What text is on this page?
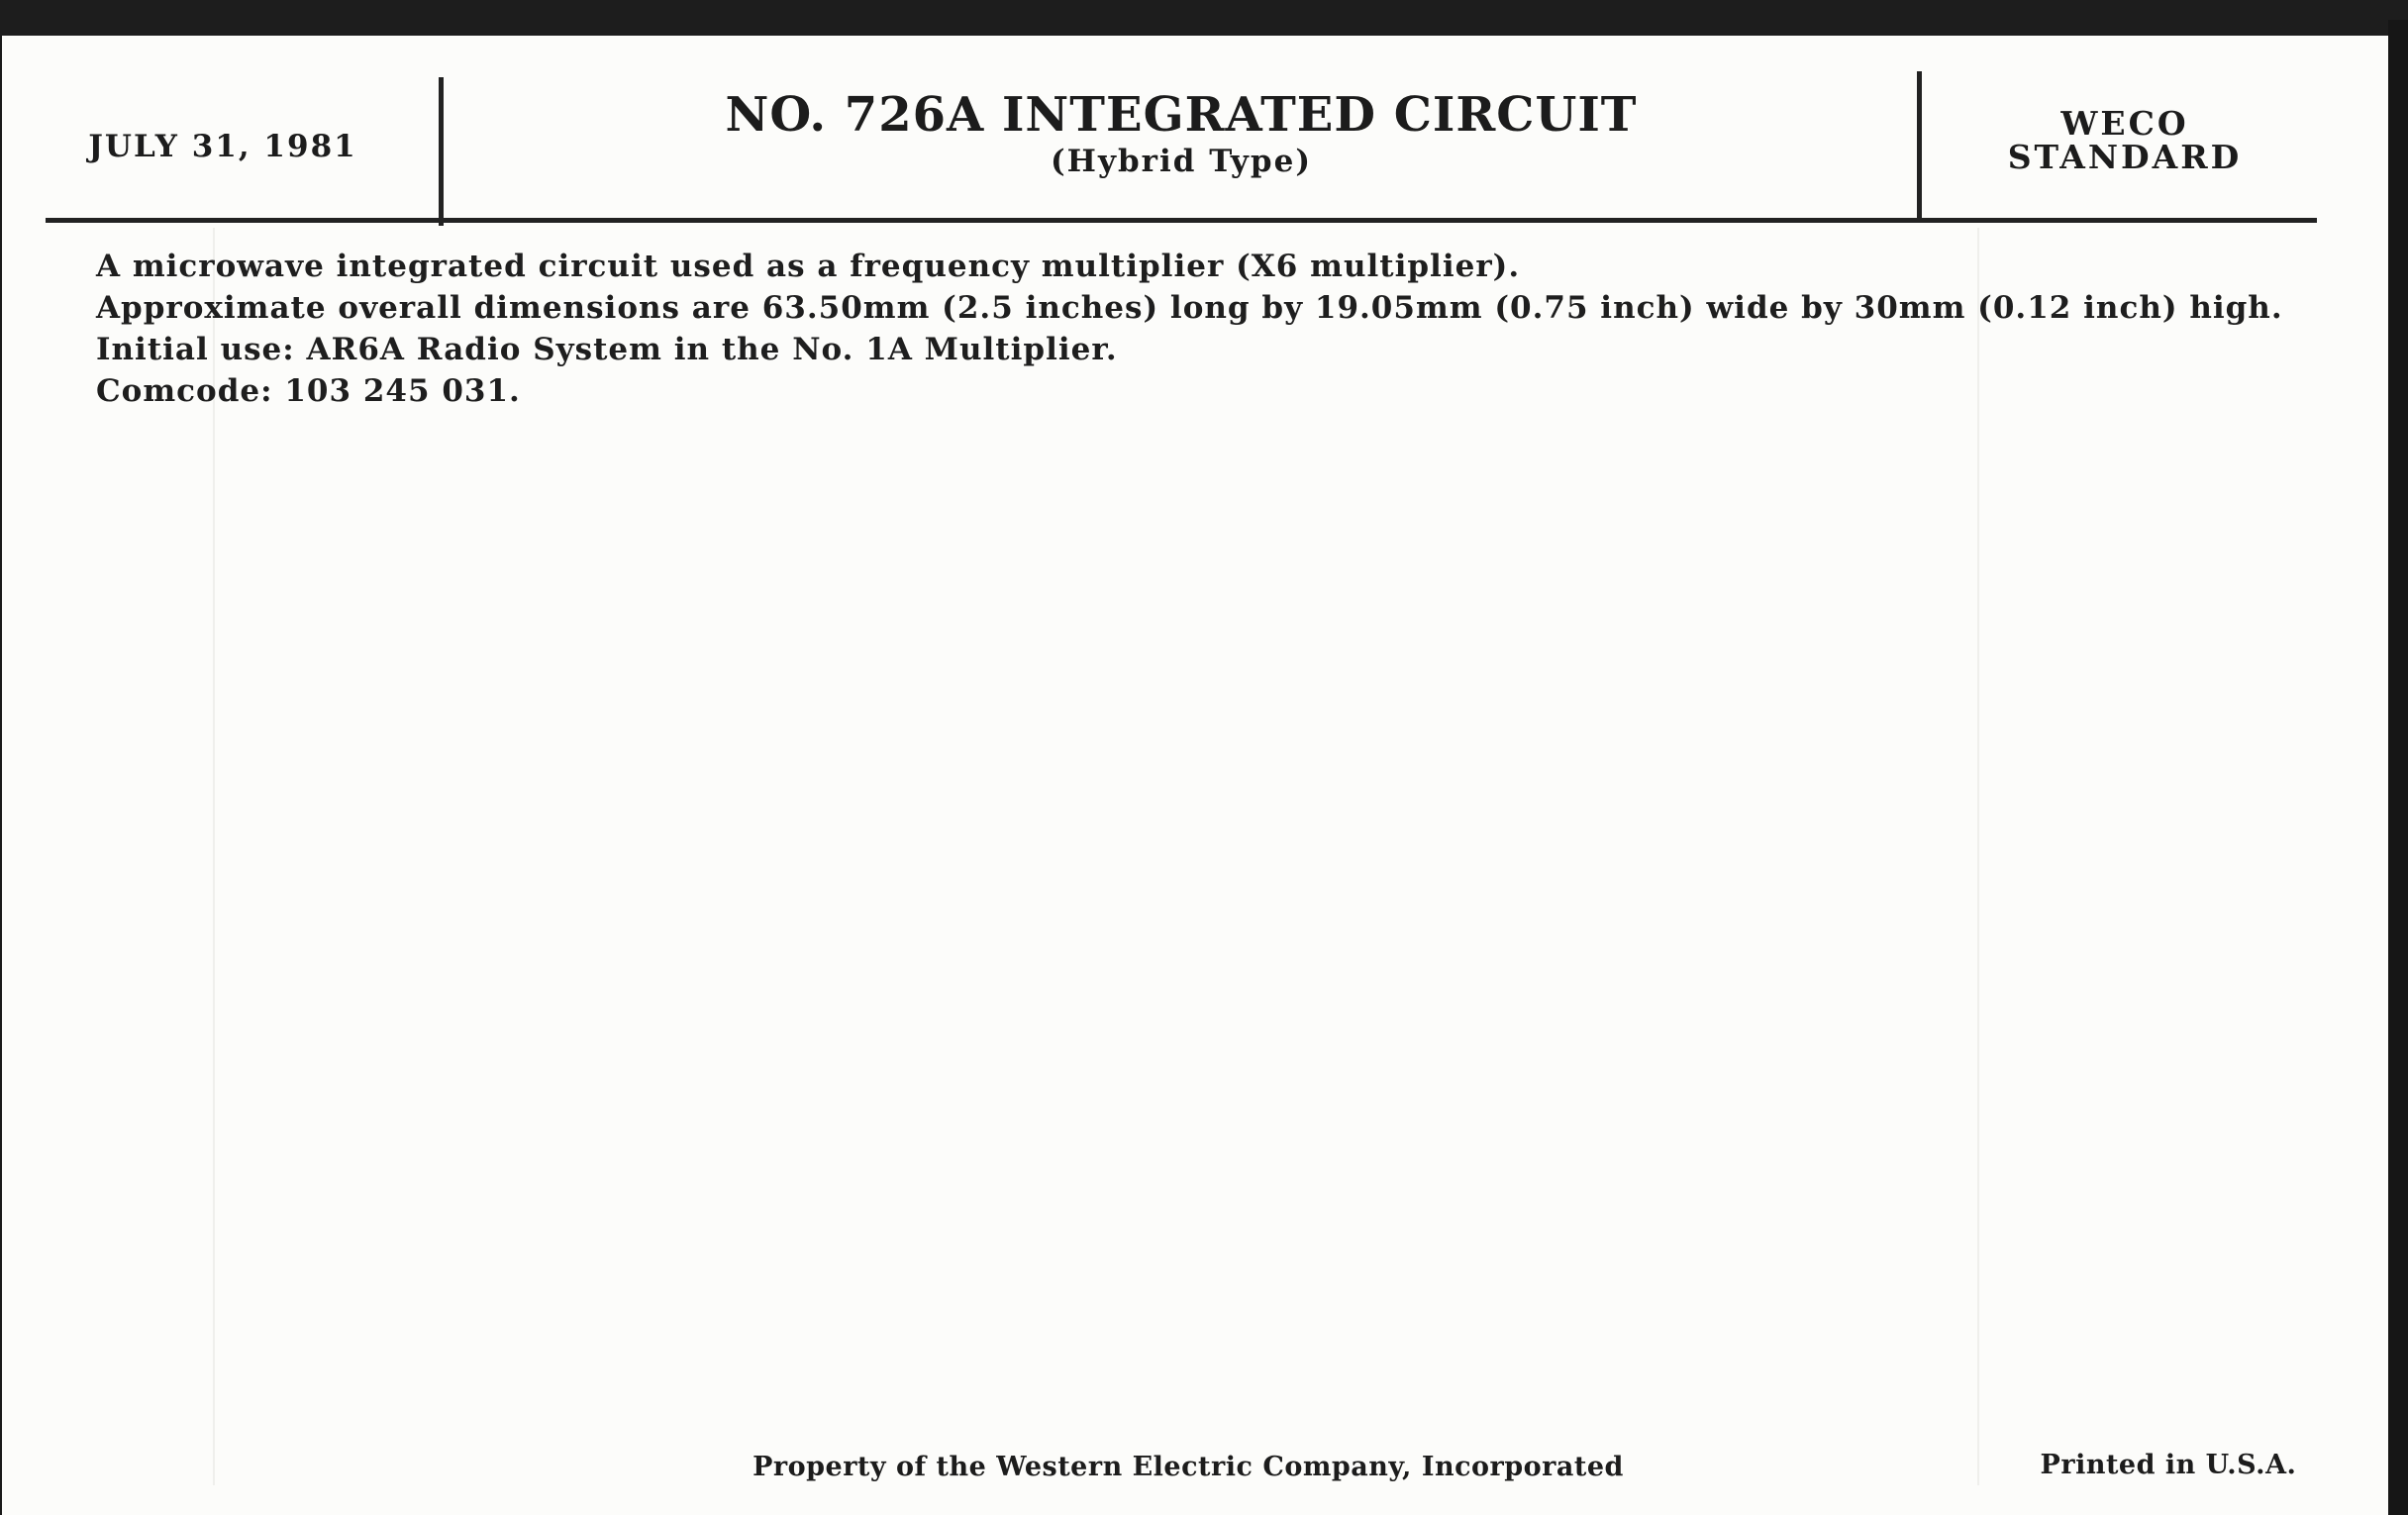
JULY 31, 1981
NO. 726A INTEGRATED CIRCUIT
(Hybrid Type)
WECO
STANDARD
A microwave integrated circuit used as a frequency multiplier (X6 multiplier).
Approximate overall dimensions are 63.50mm (2.5 inches) long by 19.05mm (0.75 inch) wide by 30mm (0.12 inch) high.
Initial use: AR6A Radio System in the No. 1A Multiplier.
Comcode: 103 245 031.
Property of the Western Electric Company, Incorporated	Printed in U.S.A.
